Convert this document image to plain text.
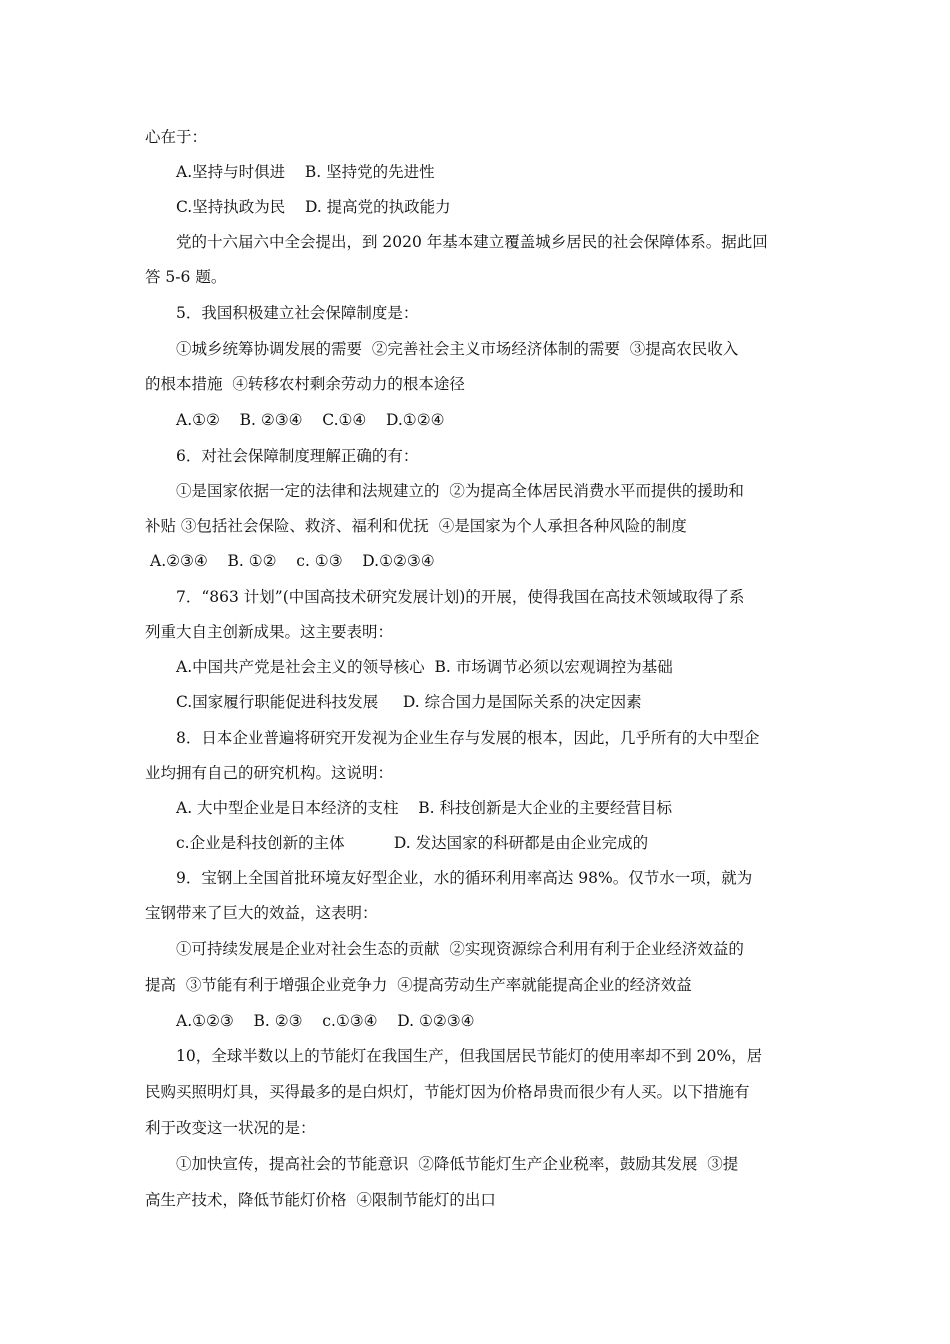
心在于：
A.坚持与时俱进    B. 坚持党的先进性
C.坚持执政为民    D. 提高党的执政能力
党的十六届六中全会提出，到 2020 年基本建立覆盖城乡居民的社会保障体系。据此回
答 5-6 题。
5．我国积极建立社会保障制度是：
①城乡统筹协调发展的需要  ②完善社会主义市场经济体制的需要  ③提高农民收入
的根本措施  ④转移农村剩余劳动力的根本途径
A.①②    B. ②③④    C.①④    D.①②④
6．对社会保障制度理解正确的有：
①是国家依据一定的法律和法规建立的  ②为提高全体居民消费水平而提供的援助和
补贴 ③包括社会保险、救济、福利和优抚  ④是国家为个人承担各种风险的制度
A.②③④    B. ①②    c. ①③    D.①②③④
7．“863 计划”(中国高技术研究发展计划)的开展，使得我国在高技术领域取得了系
列重大自主创新成果。这主要表明：
A.中国共产党是社会主义的领导核心  B. 市场调节必须以宏观调控为基础
C.国家履行职能促进科技发展     D. 综合国力是国际关系的决定因素
8．日本企业普遍将研究开发视为企业生存与发展的根本，因此，几乎所有的大中型企
业均拥有自己的研究机构。这说明：
A. 大中型企业是日本经济的支柱    B. 科技创新是大企业的主要经营目标
c.企业是科技创新的主体          D. 发达国家的科研都是由企业完成的
9．宝钢上全国首批环境友好型企业，水的循环利用率高达 98%。仅节水一项，就为
宝钢带来了巨大的效益，这表明：
①可持续发展是企业对社会生态的贡献  ②实现资源综合利用有利于企业经济效益的
提高  ③节能有利于增强企业竞争力  ④提高劳动生产率就能提高企业的经济效益
A.①②③    B. ②③    c.①③④    D. ①②③④
10，全球半数以上的节能灯在我国生产，但我国居民节能灯的使用率却不到 20%，居
民购买照明灯具，买得最多的是白炽灯，节能灯因为价格昂贵而很少有人买。以下措施有
利于改变这一状况的是：
①加快宣传，提高社会的节能意识  ②降低节能灯生产企业税率，鼓励其发展  ③提
高生产技术，降低节能灯价格  ④限制节能灯的出口
